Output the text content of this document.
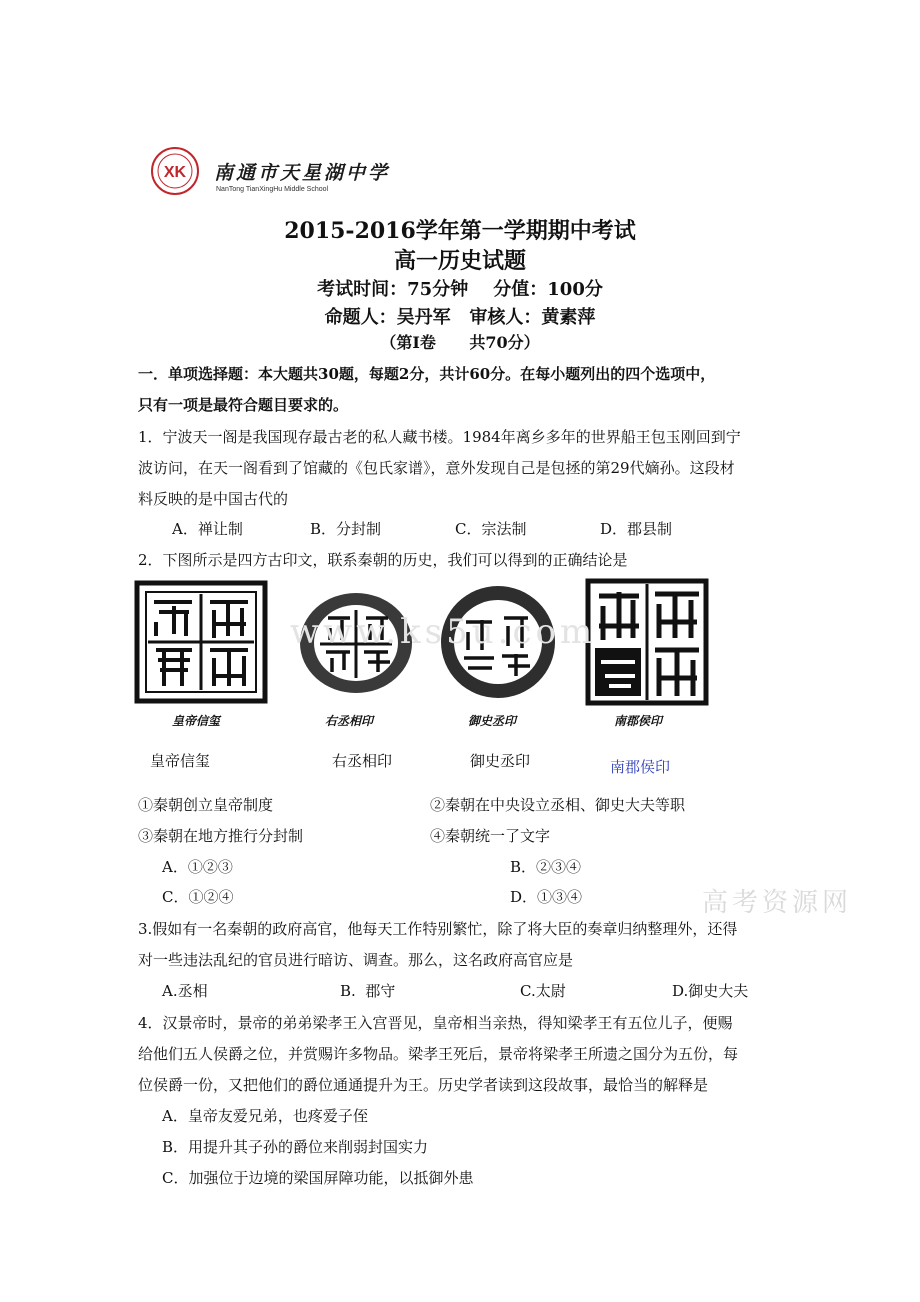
XK 南通市天星湖中学
NanTong TianXingHu Middle School
2015-2016学年第一学期期中考试
高一历史试题
考试时间：75分钟    分值：100分
命题人：吴丹军   审核人：黄素萍
（第Ⅰ卷      共70分）
一．单项选择题：本大题共30题，每题2分，共计60分。在每小题列出的四个选项中，
只有一项是最符合题目要求的。
1．宁波天一阁是我国现存最古老的私人藏书楼。1984年离乡多年的世界船王包玉刚回到宁
波访问，在天一阁看到了馆藏的《包氏家谱》，意外发现自己是包拯的第29代嫡孙。这段材
料反映的是中国古代的
A．禅让制	B．分封制	C．宗法制	D．郡县制
2．下图所示是四方古印文，联系秦朝的历史，我们可以得到的正确结论是
皇帝信玺	右丞相印	御史丞印	南郡侯印
皇帝信玺	右丞相印	御史丞印	南郡侯印
①秦朝创立皇帝制度	②秦朝在中央设立丞相、御史大夫等职
③秦朝在地方推行分封制	④秦朝统一了文字
A．①②③	B．②③④
C．①②④	D．①③④
www.ks5u.com
高考资源网
3.假如有一名秦朝的政府高官，他每天工作特别繁忙，除了将大臣的奏章归纳整理外，还得
对一些违法乱纪的官员进行暗访、调查。那么，这名政府高官应是
A.丞相	B.  郡守	C.太尉	D.御史大夫
4．汉景帝时，景帝的弟弟梁孝王入宫晋见，皇帝相当亲热，得知梁孝王有五位儿子，便赐
给他们五人侯爵之位，并赏赐许多物品。梁孝王死后，景帝将梁孝王所遗之国分为五份，每
位侯爵一份，又把他们的爵位通通提升为王。历史学者读到这段故事，最恰当的解释是
A．皇帝友爱兄弟，也疼爱子侄
B．用提升其子孙的爵位来削弱封国实力
C．加强位于边境的梁国屏障功能，以抵御外患
